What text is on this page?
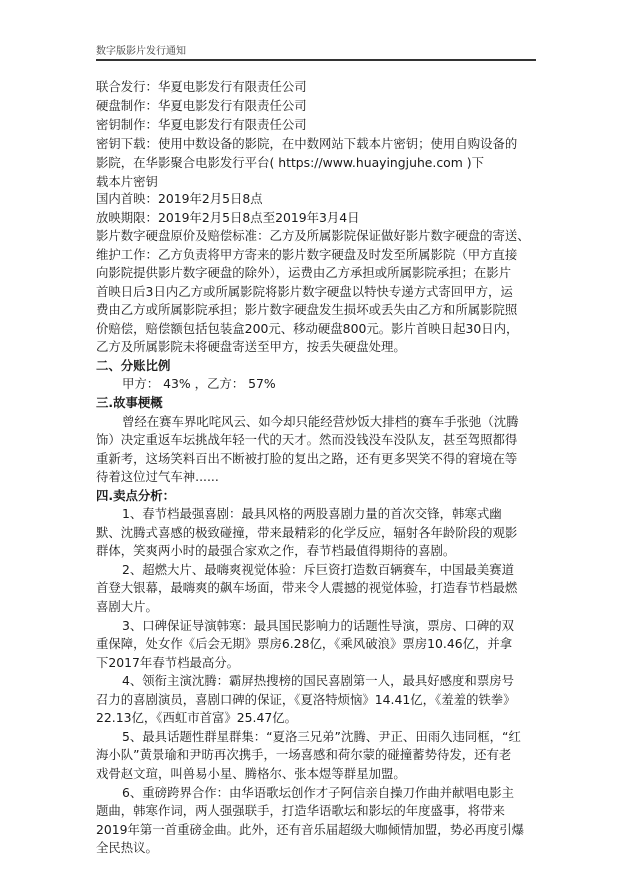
数字版影片发行通知
联合发行：华夏电影发行有限责任公司
硬盘制作：华夏电影发行有限责任公司
密钥制作：华夏电影发行有限责任公司
密钥下载：使用中数设备的影院，在中数网站下载本片密钥；使用自购设备的
影院，在华影聚合电影发行平台( https://www.huayingjuhe.com )下
载本片密钥
国内首映：2019年2月5日8点
放映期限：2019年2月5日8点至2019年3月4日
影片数字硬盘原价及赔偿标准：乙方及所属影院保证做好影片数字硬盘的寄送、
维护工作：乙方负责将甲方寄来的影片数字硬盘及时发至所属影院（甲方直接
向影院提供影片数字硬盘的除外），运费由乙方承担或所属影院承担；在影片
首映日后3日内乙方或所属影院将影片数字硬盘以特快专递方式寄回甲方，运
费由乙方或所属影院承担；影片数字硬盘发生损坏或丢失由乙方和所属影院照
价赔偿，赔偿额包括包装盒200元、移动硬盘800元。影片首映日起30日内，
乙方及所属影院未将硬盘寄送至甲方，按丢失硬盘处理。
二、分账比例
甲方： 43% ，乙方： 57%
三.故事梗概
曾经在赛车界叱咤风云、如今却只能经营炒饭大排档的赛车手张弛（沈腾
饰）决定重返车坛挑战年轻一代的天才。然而没钱没车没队友，甚至驾照都得
重新考，这场笑料百出不断被打脸的复出之路，还有更多哭笑不得的窘境在等
待着这位过气车神......
四.卖点分析：
1、春节档最强喜剧：最具风格的两股喜剧力量的首次交锋，韩寒式幽
默、沈腾式喜感的极致碰撞，带来最精彩的化学反应，辐射各年龄阶段的观影
群体，笑爽两小时的最强合家欢之作，春节档最值得期待的喜剧。
2、超燃大片、最嗨爽视觉体验：斥巨资打造数百辆赛车，中国最美赛道
首登大银幕，最嗨爽的飙车场面，带来令人震撼的视觉体验，打造春节档最燃
喜剧大片。
3、口碑保证导演韩寒：最具国民影响力的话题性导演，票房、口碑的双
重保障，处女作《后会无期》票房6.28亿，《乘风破浪》票房10.46亿，并拿
下2017年春节档最高分。
4、领衔主演沈腾：霸屏热搜榜的国民喜剧第一人，最具好感度和票房号
召力的喜剧演员，喜剧口碑的保证，《夏洛特烦恼》14.41亿，《羞羞的铁拳》
22.13亿，《西虹市首富》25.47亿。
5、最具话题性群星群集：“夏洛三兄弟”沈腾、尹正、田雨久违同框，“红
海小队”黄景瑜和尹昉再次携手，一场喜感和荷尔蒙的碰撞蓄势待发，还有老
戏骨赵文瑄，叫兽易小星、腾格尔、张本煜等群星加盟。
6、重磅跨界合作：由华语歌坛创作才子阿信亲自操刀作曲并献唱电影主
题曲，韩寒作词，两人强强联手，打造华语歌坛和影坛的年度盛事，将带来
2019年第一首重磅金曲。此外，还有音乐届超级大咖倾情加盟，势必再度引爆
全民热议。
